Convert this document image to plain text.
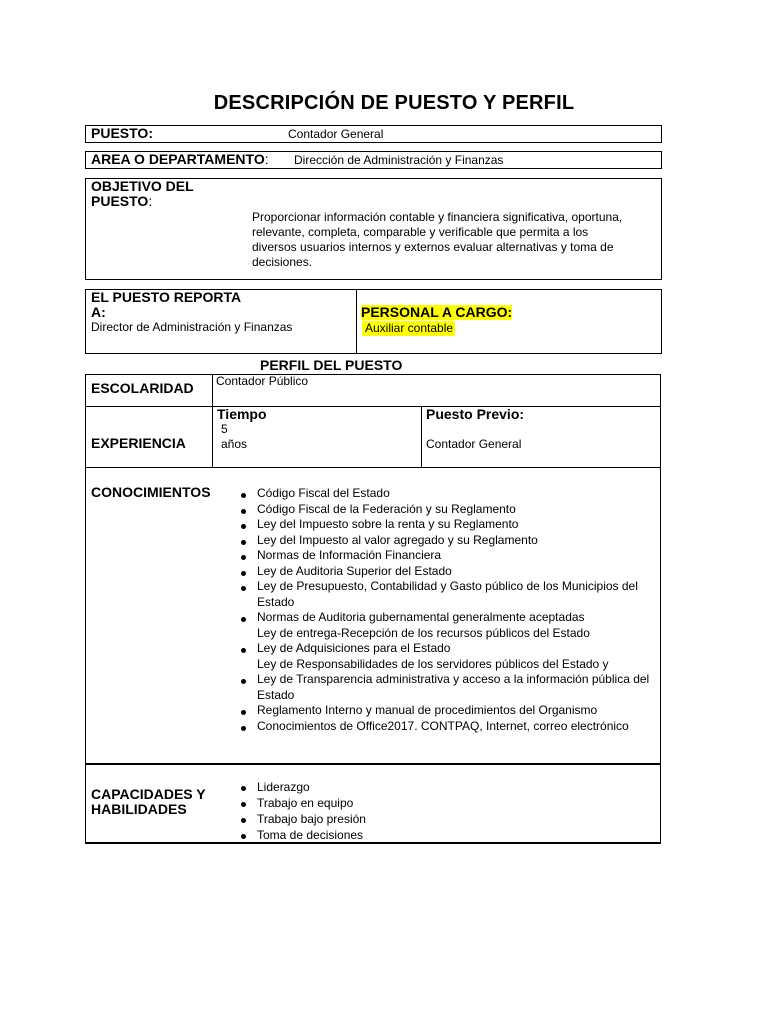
DESCRIPCIÓN DE PUESTO Y PERFIL
PUESTO:	Contador General
AREA O DEPARTAMENTO: Dirección de Administración y Finanzas
OBJETIVO DEL
PUESTO:
Proporcionar información contable y financiera significativa, oportuna,
relevante, completa, comparable y verificable que permita a los
diversos usuarios internos y externos evaluar alternativas y toma de
decisiones.
EL PUESTO REPORTA
A:
Director de Administración y Finanzas
PERSONAL A CARGO:
Auxiliar contable
PERFIL DEL PUESTO
ESCOLARIDAD Contador Público
EXPERIENCIA
Tiempo
5
años
Puesto Previo:
Contador General
CONOCIMIENTOS	Código Fiscal del Estado
Código Fiscal de la Federación y su Reglamento
Ley del Impuesto sobre la renta y su Reglamento
Ley del Impuesto al valor agregado y su Reglamento
Normas de Información Financiera
Ley de Auditoria Superior del Estado
Ley de Presupuesto, Contabilidad y Gasto público de los Municipios del Estado
Normas de Auditoria gubernamental generalmente aceptadas
Ley de entrega-Recepción de los recursos públicos del Estado
Ley de Adquisiciones para el Estado
Ley de Responsabilidades de los servidores públicos del Estado y
Ley de Transparencia administrativa y acceso a la información pública del Estado
Reglamento Interno y manual de procedimientos del Organismo
Conocimientos de Office2017. CONTPAQ, Internet, correo electrónico
CAPACIDADES Y
HABILIDADES
Liderazgo
Trabajo en equipo
Trabajo bajo presión
Toma de decisiones
